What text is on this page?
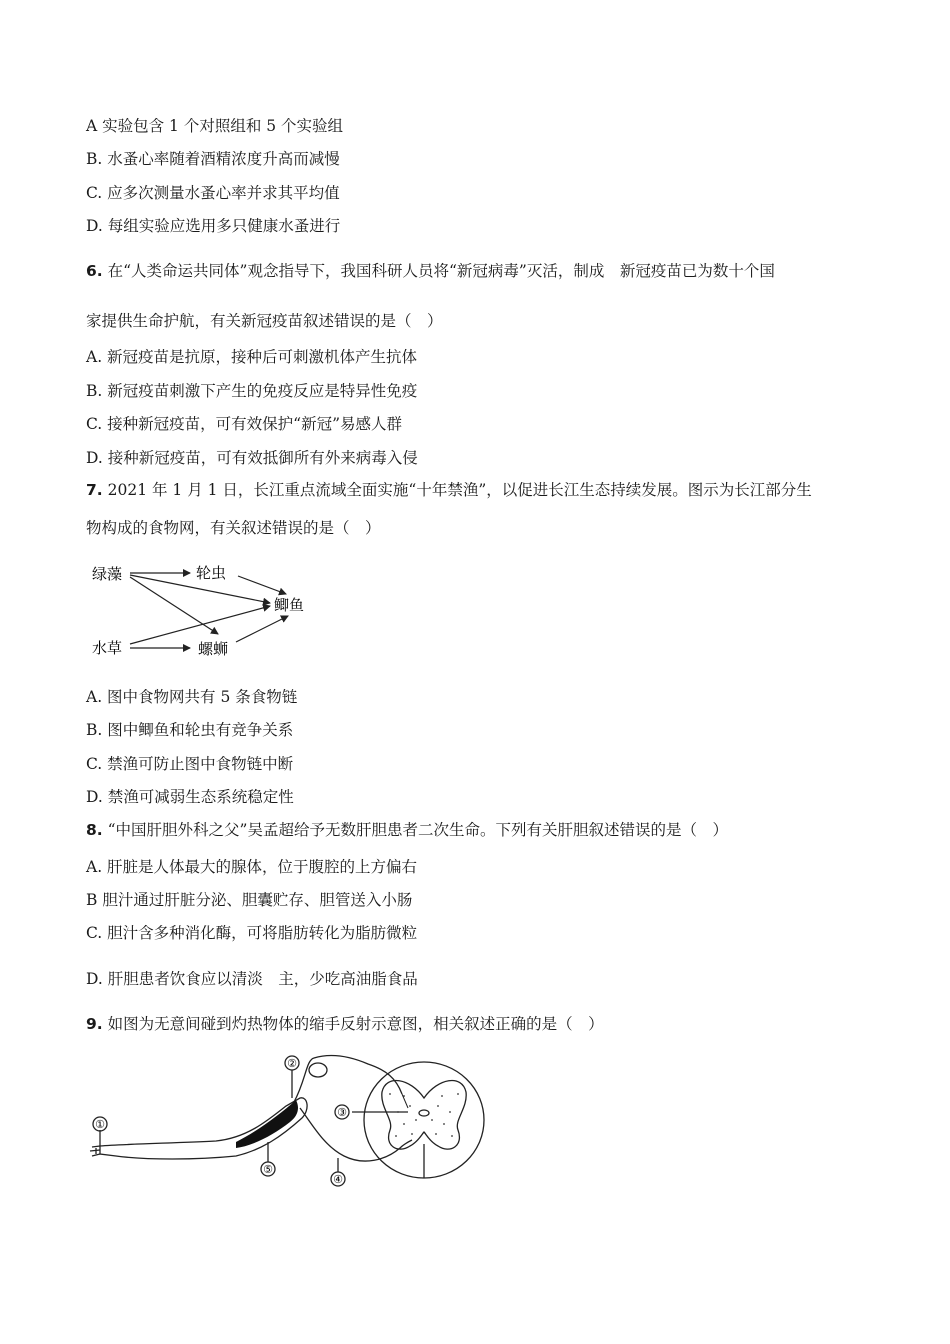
A 实验包含 1 个对照组和 5 个实验组
B. 水蚤心率随着酒精浓度升高而减慢
C. 应多次测量水蚤心率并求其平均值
D. 每组实验应选用多只健康水蚤进行
6. 在“人类命运共同体”观念指导下，我国科研人员将“新冠病毒”灭活，制成　新冠疫苗已为数十个国
家提供生命护航，有关新冠疫苗叙述错误的是（　）
A. 新冠疫苗是抗原，接种后可刺激机体产生抗体
B. 新冠疫苗刺激下产生的免疫反应是特异性免疫
C. 接种新冠疫苗，可有效保护“新冠”易感人群
D. 接种新冠疫苗，可有效抵御所有外来病毒入侵
7. 2021 年 1 月 1 日，长江重点流域全面实施“十年禁渔”，以促进长江生态持续发展。图示为长江部分生
物构成的食物网，有关叙述错误的是（　）
绿藻	轮虫
鲫鱼
水草	螺蛳
A. 图中食物网共有 5 条食物链
B. 图中鲫鱼和轮虫有竞争关系
C. 禁渔可防止图中食物链中断
D. 禁渔可减弱生态系统稳定性
8. “中国肝胆外科之父”吴孟超给予无数肝胆患者二次生命。下列有关肝胆叙述错误的是（　）
A. 肝脏是人体最大的腺体，位于腹腔的上方偏右
B 胆汁通过肝脏分泌、胆囊贮存、胆管送入小肠
C. 胆汁含多种消化酶，可将脂肪转化为脂肪微粒
D. 肝胆患者饮食应以清淡　主，少吃高油脂食品
9. 如图为无意间碰到灼热物体的缩手反射示意图，相关叙述正确的是（　）
①
②
③
④
⑤
